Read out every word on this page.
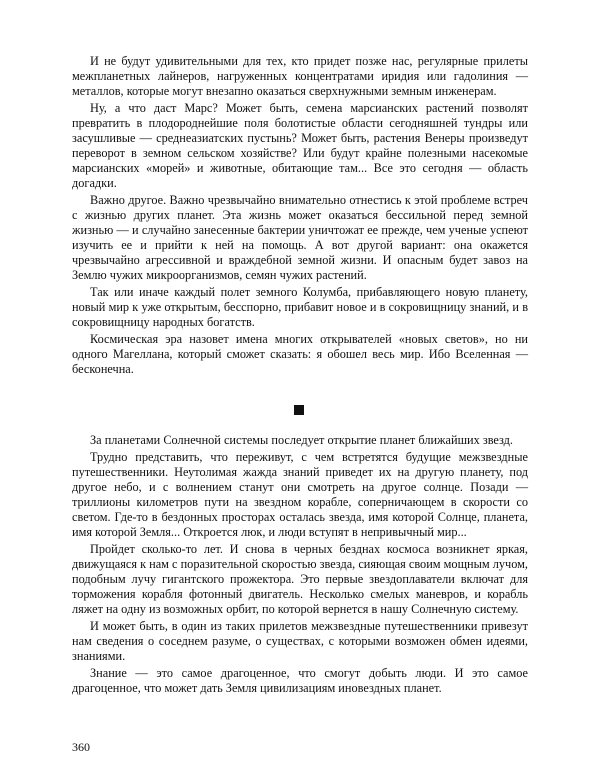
И не будут удивительными для тех, кто придет позже нас, регулярные прилеты межпланетных лайнеров, нагруженных концентратами иридия или гадолиния — металлов, которые могут внезапно оказаться сверхнужными земным инженерам.

Ну, а что даст Марс? Может быть, семена марсианских растений позволят превратить в плодороднейшие поля болотистые области сегодняшней тундры или засушливые — среднеазиатских пустынь? Может быть, растения Венеры произведут переворот в земном сельском хозяйстве? Или будут крайне полезными насекомые марсианских «морей» и животные, обитающие там... Все это сегодня — область догадки.

Важно другое. Важно чрезвычайно внимательно отнестись к этой проблеме встреч с жизнью других планет. Эта жизнь может оказаться бессильной перед земной жизнью — и случайно занесенные бактерии уничтожат ее прежде, чем ученые успеют изучить ее и прийти к ней на помощь. А вот другой вариант: она окажется чрезвычайно агрессивной и враждебной земной жизни. И опасным будет завоз на Землю чужих микроорганизмов, семян чужих растений.

Так или иначе каждый полет земного Колумба, прибавляющего новую планету, новый мир к уже открытым, бесспорно, прибавит новое и в сокровищницу знаний, и в сокровищницу народных богатств.

Космическая эра назовет имена многих открывателей «новых светов», но ни одного Магеллана, который сможет сказать: я обошел весь мир. Ибо Вселенная — бесконечна.

За планетами Солнечной системы последует открытие планет ближайших звезд.

Трудно представить, что переживут, с чем встретятся будущие межзвездные путешественники. Неутолимая жажда знаний приведет их на другую планету, под другое небо, и с волнением станут они смотреть на другое солнце. Позади — триллионы километров пути на звездном корабле, соперничающем в скорости со светом. Где-то в бездонных просторах осталась звезда, имя которой Солнце, планета, имя которой Земля... Откроется люк, и люди вступят в непривычный мир...

Пройдет сколько-то лет. И снова в черных безднах космоса возникнет яркая, движущаяся к нам с поразительной скоростью звезда, сияющая своим мощным лучом, подобным лучу гигантского прожектора. Это первые звездоплаватели включат для торможения корабля фотонный двигатель. Несколько смелых маневров, и корабль ляжет на одну из возможных орбит, по которой вернется в нашу Солнечную систему.

И может быть, в один из таких прилетов межзвездные путешественники привезут нам сведения о соседнем разуме, о существах, с которыми возможен обмен идеями, знаниями.

Знание — это самое драгоценное, что смогут добыть люди. И это самое драгоценное, что может дать Земля цивилизациям иновездных планет.

360
